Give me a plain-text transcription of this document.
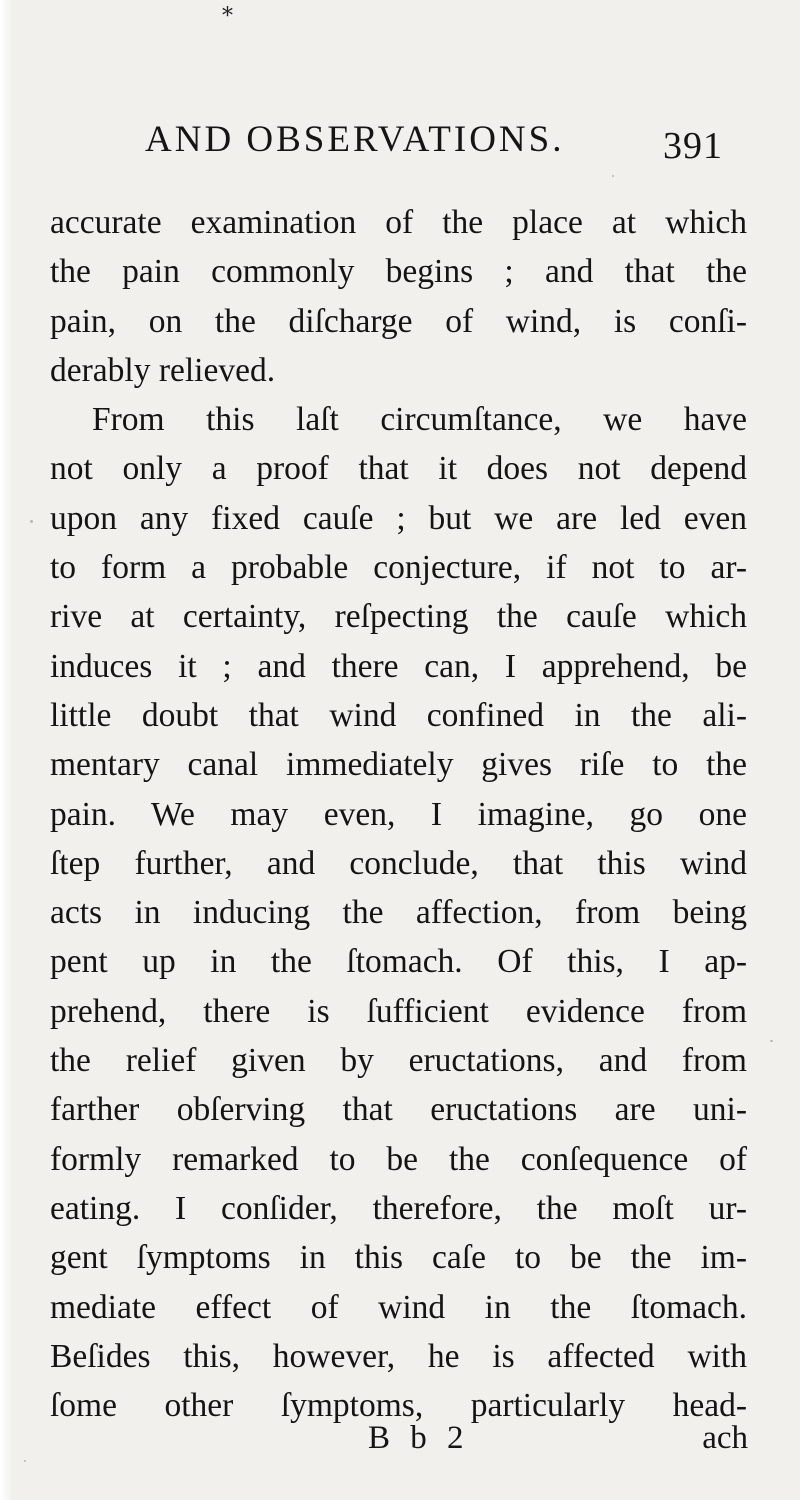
*
AND OBSERVATIONS.	391
accurate examination of the place at which
the pain commonly begins ; and that the
pain, on the diſcharge of wind, is conſi-
derably relieved.
From this laſt circumſtance, we have
not only a proof that it does not depend
upon any fixed cauſe ; but we are led even
to form a probable conjecture, if not to ar-
rive at certainty, reſpecting the cauſe which
induces it ; and there can, I apprehend, be
little doubt that wind confined in the ali-
mentary canal immediately gives riſe to the
pain. We may even, I imagine, go one
ſtep further, and conclude, that this wind
acts in inducing the affection, from being
pent up in the ſtomach. Of this, I ap-
prehend, there is ſufficient evidence from
the relief given by eructations, and from
farther obſerving that eructations are uni-
formly remarked to be the conſequence of
eating. I conſider, therefore, the moſt ur-
gent ſymptoms in this caſe to be the im-
mediate effect of wind in the ſtomach.
Beſides this, however, he is affected with
ſome other ſymptoms, particularly head-
B b 2	ach
